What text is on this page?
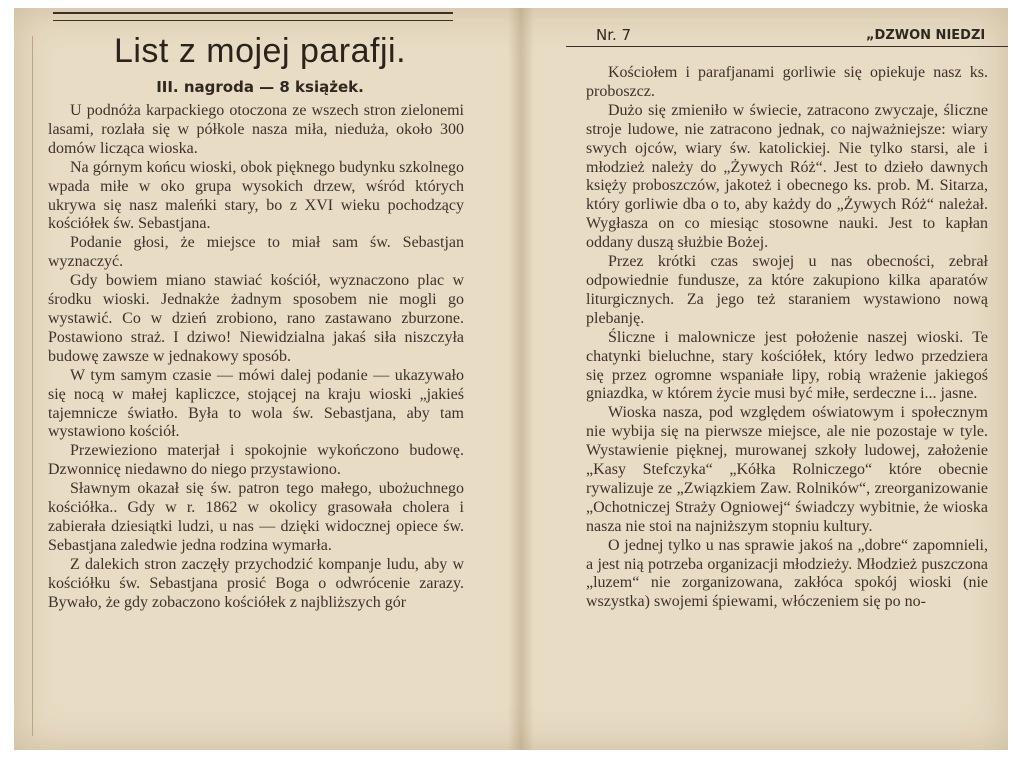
List z mojej parafji.
III. nagroda — 8 książek.

U podnóża karpackiego otoczona ze wszech stron zielonemi lasami, rozlała się w półkole nasza miła, nieduża, około 300 domów licząca wioska.

Na górnym końcu wioski, obok pięknego budynku szkolnego wpada miłe w oko grupa wysokich drzew, wśród których ukrywa się nasz maleńki stary, bo z XVI wieku pochodzący kościółek św. Sebastjana.

Podanie głosi, że miejsce to miał sam św. Sebastjan wyznaczyć.

Gdy bowiem miano stawiać kościół, wyznaczono plac w środku wioski. Jednakże żadnym sposobem nie mogli go wystawić. Co w dzień zrobiono, rano zastawano zburzone. Postawiono straż. I dziwo! Niewidzialna jakaś siła niszczyła budowę zawsze w jednakowy sposób.

W tym samym czasie — mówi dalej podanie — ukazywało się nocą w małej kapliczce, stojącej na kraju wioski „jakieś tajemnicze światło. Była to wola św. Sebastjana, aby tam wystawiono kościół.

Przewieziono materjał i spokojnie wykończono budowę. Dzwonnicę niedawno do niego przystawiono.

Sławnym okazał się św. patron tego małego, ubożuchnego kościółka.. Gdy w r. 1862 w okolicy grasowała cholera i zabierała dziesiątki ludzi, u nas — dzięki widocznej opiece św. Sebastjana zaledwie jedna rodzina wymarła.

Z dalekich stron zaczęły przychodzić kompanje ludu, aby w kościółku św. Sebastjana prosić Boga o odwrócenie zarazy. Bywało, że gdy zobaczono kościółek z najbliższych gór

Nr. 7	„DZWON NIEDZI

Kościołem i parafjanami gorliwie się opiekuje nasz ks. proboszcz.

Dużo się zmieniło w świecie, zatracono zwyczaje, śliczne stroje ludowe, nie zatracono jednak, co najważniejsze: wiary swych ojców, wiary św. katolickiej. Nie tylko starsi, ale i młodzież należy do „Żywych Róż“. Jest to dzieło dawnych księży proboszczów, jakoteż i obecnego ks. prob. M. Sitarza, który gorliwie dba o to, aby każdy do „Żywych Róż“ należał. Wygłasza on co miesiąc stosowne nauki. Jest to kapłan oddany duszą służbie Bożej.

Przez krótki czas swojej u nas obecności, zebrał odpowiednie fundusze, za które zakupiono kilka aparatów liturgicznych. Za jego też staraniem wystawiono nową plebanję.

Śliczne i malownicze jest położenie naszej wioski. Te chatynki bieluchne, stary kościółek, który ledwo przedziera się przez ogromne wspaniałe lipy, robią wrażenie jakiegoś gniazdka, w którem życie musi być miłe, serdeczne i... jasne.

Wioska nasza, pod względem oświatowym i społecznym nie wybija się na pierwsze miejsce, ale nie pozostaje w tyle. Wystawienie pięknej, murowanej szkoły ludowej, założenie „Kasy Stefczyka“ „Kółka Rolniczego“ które obecnie rywalizuje ze „Związkiem Zaw. Rolników“, zreorganizowanie „Ochotniczej Straży Ogniowej“ świadczy wybitnie, że wioska nasza nie stoi na najniższym stopniu kultury.

O jednej tylko u nas sprawie jakoś na „dobre“ zapomnieli, a jest nią potrzeba organizacji młodzieży. Młodzież puszczona „luzem“ nie zorganizowana, zakłóca spokój wioski (nie wszystka) swojemi śpiewami, włóczeniem się po no-
